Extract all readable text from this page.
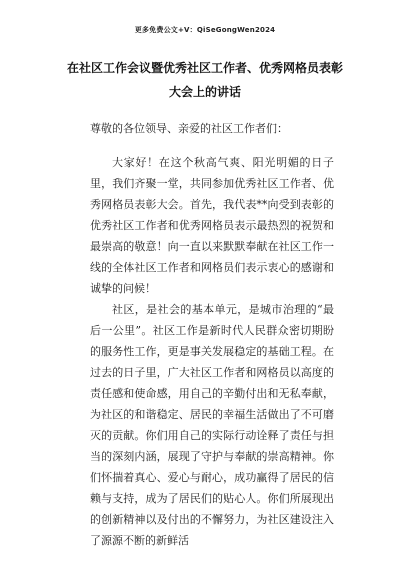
更多免费公文+V：QiSeGongWen2024
在社区工作会议暨优秀社区工作者、优秀网格员表彰大会上的讲话
尊敬的各位领导、亲爱的社区工作者们：
大家好！在这个秋高气爽、阳光明媚的日子里，我们齐聚一堂，共同参加优秀社区工作者、优秀网格员表彰大会。首先，我代表**向受到表彰的优秀社区工作者和优秀网格员表示最热烈的祝贺和最崇高的敬意！向一直以来默默奉献在社区工作一线的全体社区工作者和网格员们表示衷心的感谢和诚挚的问候！
社区，是社会的基本单元，是城市治理的“最后一公里”。社区工作是新时代人民群众密切期盼的服务性工作，更是事关发展稳定的基础工程。在过去的日子里，广大社区工作者和网格员以高度的责任感和使命感，用自己的辛勤付出和无私奉献，为社区的和谐稳定、居民的幸福生活做出了不可磨灭的贡献。你们用自己的实际行动诠释了责任与担当的深刻内涵，展现了守护与奉献的崇高精神。你们怀揣着真心、爱心与耐心，成功赢得了居民的信赖与支持，成为了居民们的贴心人。你们所展现出的创新精神以及付出的不懈努力，为社区建设注入了源源不断的新鲜活
